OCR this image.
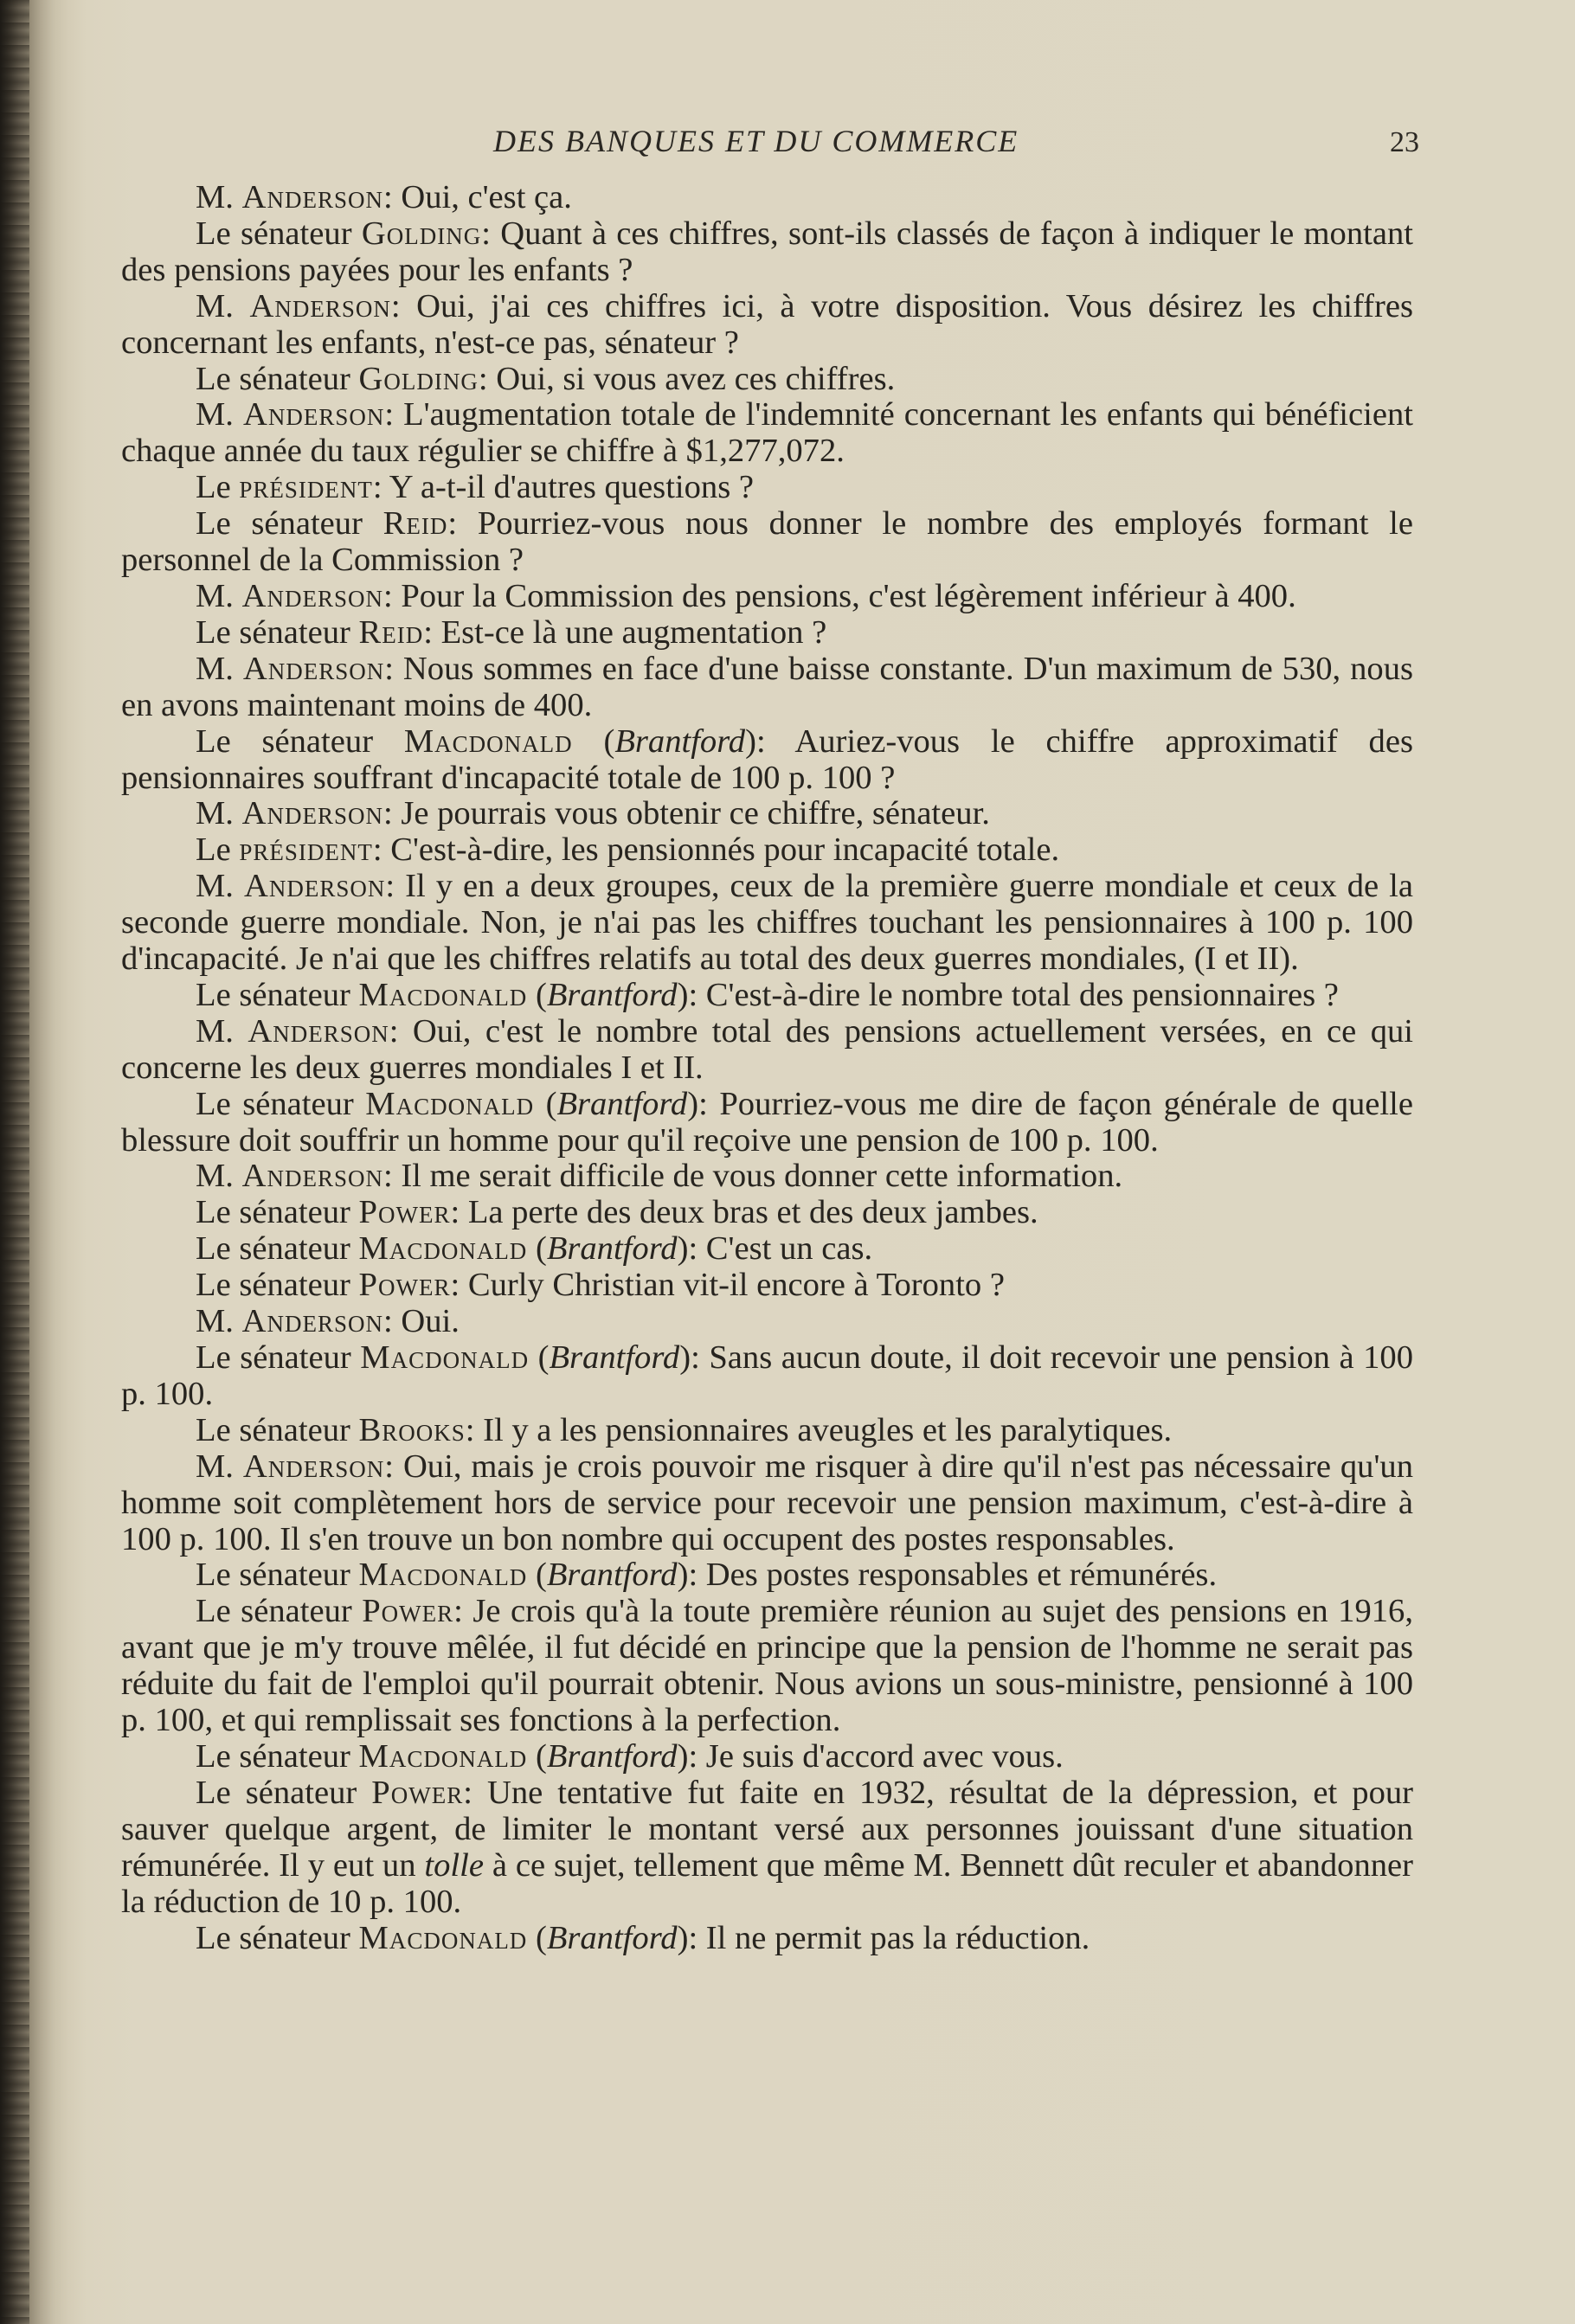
DES BANQUES ET DU COMMERCE	23

M. Anderson: Oui, c'est ça.

Le sénateur Golding: Quant à ces chiffres, sont-ils classés de façon à indiquer le montant des pensions payées pour les enfants ?

M. Anderson: Oui, j'ai ces chiffres ici, à votre disposition. Vous désirez les chiffres concernant les enfants, n'est-ce pas, sénateur ?

Le sénateur Golding: Oui, si vous avez ces chiffres.

M. Anderson: L'augmentation totale de l'indemnité concernant les enfants qui bénéficient chaque année du taux régulier se chiffre à $1,277,072.

Le président: Y a-t-il d'autres questions ?

Le sénateur Reid: Pourriez-vous nous donner le nombre des employés formant le personnel de la Commission ?

M. Anderson: Pour la Commission des pensions, c'est légèrement inférieur à 400.

Le sénateur Reid: Est-ce là une augmentation ?

M. Anderson: Nous sommes en face d'une baisse constante. D'un maximum de 530, nous en avons maintenant moins de 400.

Le sénateur Macdonald (Brantford): Auriez-vous le chiffre approximatif des pensionnaires souffrant d'incapacité totale de 100 p. 100 ?

M. Anderson: Je pourrais vous obtenir ce chiffre, sénateur.

Le président: C'est-à-dire, les pensionnés pour incapacité totale.

M. Anderson: Il y en a deux groupes, ceux de la première guerre mondiale et ceux de la seconde guerre mondiale. Non, je n'ai pas les chiffres touchant les pensionnaires à 100 p. 100 d'incapacité. Je n'ai que les chiffres relatifs au total des deux guerres mondiales, (I et II).

Le sénateur Macdonald (Brantford): C'est-à-dire le nombre total des pensionnaires ?

M. Anderson: Oui, c'est le nombre total des pensions actuellement versées, en ce qui concerne les deux guerres mondiales I et II.

Le sénateur Macdonald (Brantford): Pourriez-vous me dire de façon générale de quelle blessure doit souffrir un homme pour qu'il reçoive une pension de 100 p. 100.

M. Anderson: Il me serait difficile de vous donner cette information.

Le sénateur Power: La perte des deux bras et des deux jambes.

Le sénateur Macdonald (Brantford): C'est un cas.

Le sénateur Power: Curly Christian vit-il encore à Toronto ?

M. Anderson: Oui.

Le sénateur Macdonald (Brantford): Sans aucun doute, il doit recevoir une pension à 100 p. 100.

Le sénateur Brooks: Il y a les pensionnaires aveugles et les paralytiques.

M. Anderson: Oui, mais je crois pouvoir me risquer à dire qu'il n'est pas nécessaire qu'un homme soit complètement hors de service pour recevoir une pension maximum, c'est-à-dire à 100 p. 100. Il s'en trouve un bon nombre qui occupent des postes responsables.

Le sénateur Macdonald (Brantford): Des postes responsables et rémunérés.

Le sénateur Power: Je crois qu'à la toute première réunion au sujet des pensions en 1916, avant que je m'y trouve mêlée, il fut décidé en principe que la pension de l'homme ne serait pas réduite du fait de l'emploi qu'il pourrait obtenir. Nous avions un sous-ministre, pensionné à 100 p. 100, et qui remplissait ses fonctions à la perfection.

Le sénateur Macdonald (Brantford): Je suis d'accord avec vous.

Le sénateur Power: Une tentative fut faite en 1932, résultat de la dépression, et pour sauver quelque argent, de limiter le montant versé aux personnes jouissant d'une situation rémunérée. Il y eut un tolle à ce sujet, tellement que même M. Bennett dût reculer et abandonner la réduction de 10 p. 100.

Le sénateur Macdonald (Brantford): Il ne permit pas la réduction.
